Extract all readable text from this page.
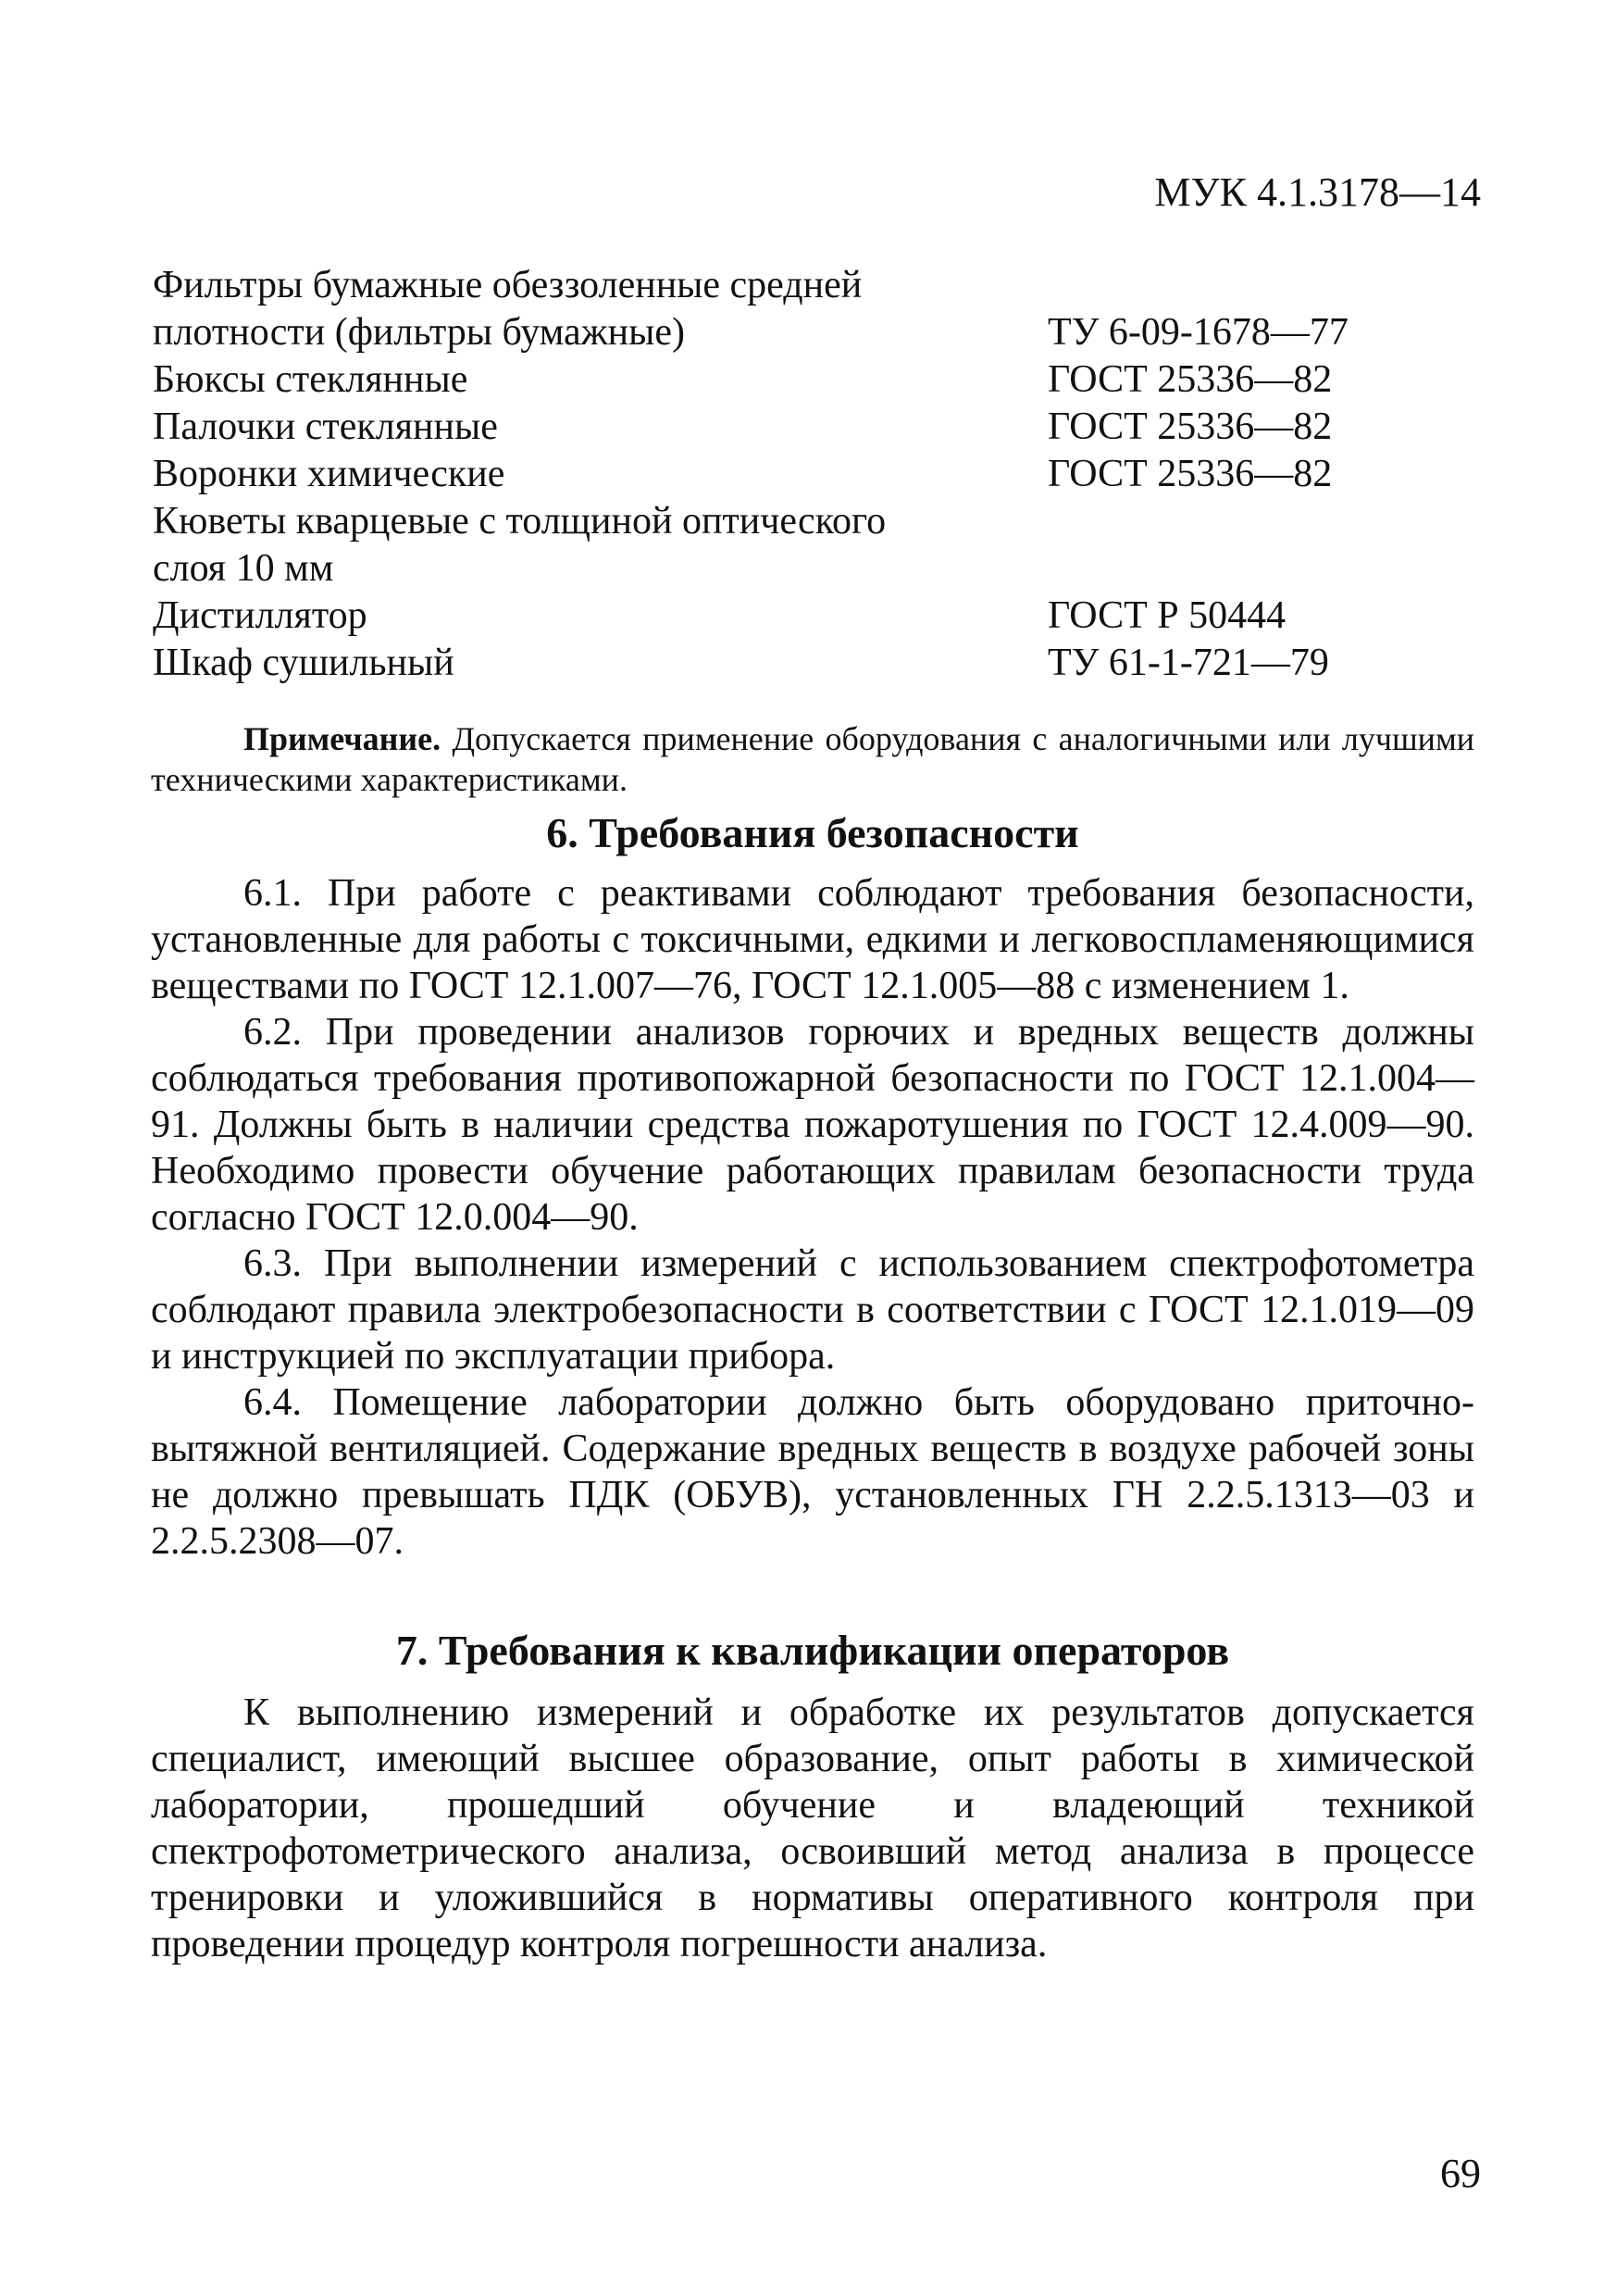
МУК 4.1.3178—14
Фильтры бумажные обеззоленные средней
плотности (фильтры бумажные)	ТУ 6-09-1678—77
Бюксы стеклянные	ГОСТ 25336—82
Палочки стеклянные	ГОСТ 25336—82
Воронки химические	ГОСТ 25336—82
Кюветы кварцевые с толщиной оптического
слоя 10 мм
Дистиллятор	ГОСТ Р 50444
Шкаф сушильный	ТУ 61-1-721—79

Примечание. Допускается применение оборудования с аналогичными или лучшими техническими характеристиками.

6. Требования безопасности

6.1. При работе с реактивами соблюдают требования безопасности, установленные для работы с токсичными, едкими и легковоспламеняющимися веществами по ГОСТ 12.1.007—76, ГОСТ 12.1.005—88 с изменением 1.

6.2. При проведении анализов горючих и вредных веществ должны соблюдаться требования противопожарной безопасности по ГОСТ 12.1.004—91. Должны быть в наличии средства пожаротушения по ГОСТ 12.4.009—90. Необходимо провести обучение работающих правилам безопасности труда согласно ГОСТ 12.0.004—90.

6.3. При выполнении измерений с использованием спектрофотометра соблюдают правила электробезопасности в соответствии с ГОСТ 12.1.019—09 и инструкцией по эксплуатации прибора.

6.4. Помещение лаборатории должно быть оборудовано приточно-вытяжной вентиляцией. Содержание вредных веществ в воздухе рабочей зоны не должно превышать ПДК (ОБУВ), установленных ГН 2.2.5.1313—03 и 2.2.5.2308—07.

7. Требования к квалификации операторов

К выполнению измерений и обработке их результатов допускается специалист, имеющий высшее образование, опыт работы в химической лаборатории, прошедший обучение и владеющий техникой спектрофотометрического анализа, освоивший метод анализа в процессе тренировки и уложившийся в нормативы оперативного контроля при проведении процедур контроля погрешности анализа.

69
